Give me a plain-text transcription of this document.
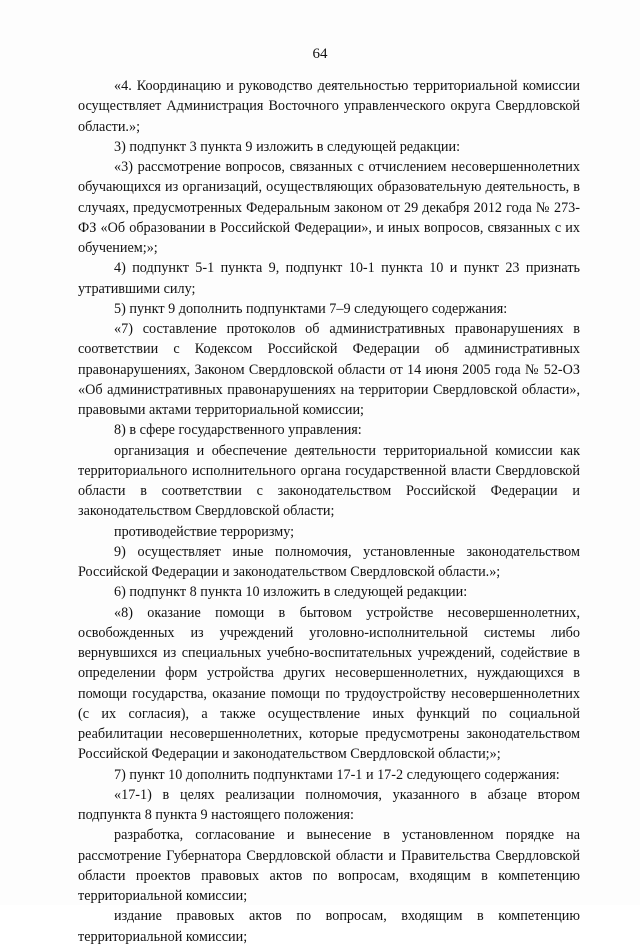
64

«4. Координацию и руководство деятельностью территориальной комиссии осуществляет Администрация Восточного управленческого округа Свердловской области.»;

3) подпункт 3 пункта 9 изложить в следующей редакции:

«3) рассмотрение вопросов, связанных с отчислением несовершеннолетних обучающихся из организаций, осуществляющих образовательную деятельность, в случаях, предусмотренных Федеральным законом от 29 декабря 2012 года № 273-ФЗ «Об образовании в Российской Федерации», и иных вопросов, связанных с их обучением;»;

4) подпункт 5-1 пункта 9, подпункт 10-1 пункта 10 и пункт 23 признать утратившими силу;

5) пункт 9 дополнить подпунктами 7–9 следующего содержания:

«7) составление протоколов об административных правонарушениях в соответствии с Кодексом Российской Федерации об административных правонарушениях, Законом Свердловской области от 14 июня 2005 года № 52-ОЗ «Об административных правонарушениях на территории Свердловской области», правовыми актами территориальной комиссии;

8) в сфере государственного управления:

организация и обеспечение деятельности территориальной комиссии как территориального исполнительного органа государственной власти Свердловской области в соответствии с законодательством Российской Федерации и законодательством Свердловской области;

противодействие терроризму;

9) осуществляет иные полномочия, установленные законодательством Российской Федерации и законодательством Свердловской области.»;

6) подпункт 8 пункта 10 изложить в следующей редакции:

«8) оказание помощи в бытовом устройстве несовершеннолетних, освобожденных из учреждений уголовно-исполнительной системы либо вернувшихся из специальных учебно-воспитательных учреждений, содействие в определении форм устройства других несовершеннолетних, нуждающихся в помощи государства, оказание помощи по трудоустройству несовершеннолетних (с их согласия), а также осуществление иных функций по социальной реабилитации несовершеннолетних, которые предусмотрены законодательством Российской Федерации и законодательством Свердловской области;»;

7) пункт 10 дополнить подпунктами 17-1 и 17-2 следующего содержания:

«17-1) в целях реализации полномочия, указанного в абзаце втором подпункта 8 пункта 9 настоящего положения:

разработка, согласование и вынесение в установленном порядке на рассмотрение Губернатора Свердловской области и Правительства Свердловской области проектов правовых актов по вопросам, входящим в компетенцию территориальной комиссии;

издание правовых актов по вопросам, входящим в компетенцию территориальной комиссии;
